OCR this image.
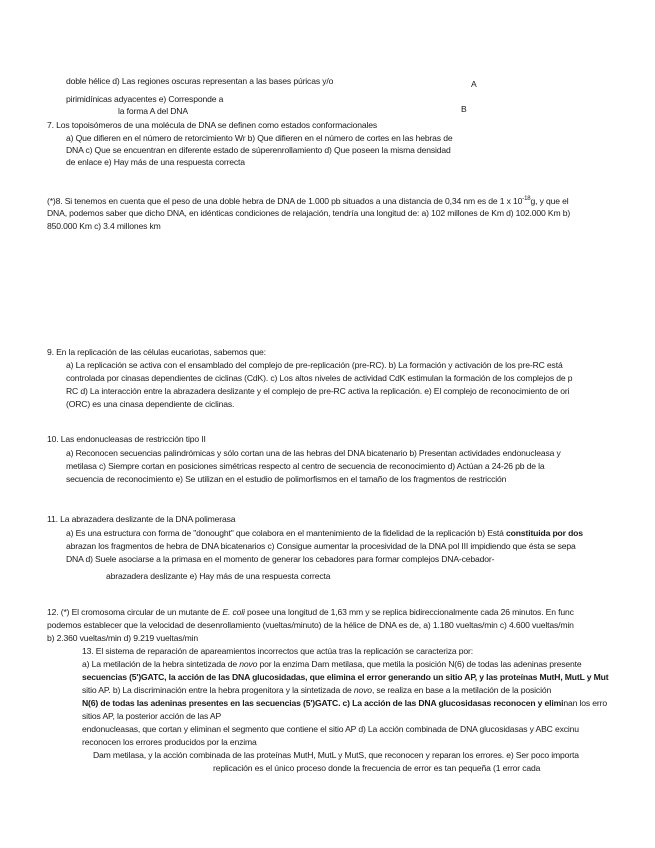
doble hélice d) Las regiones oscuras representan a las bases púricas y/o	A
pirimidínicas adyacentes e) Corresponde a
la forma A del DNA	B
7. Los topoisómeros de una molécula de DNA se definen como estados conformacionales
a) Que difieren en el número de retorcimiento Wr b) Que difieren en el número de cortes en las hebras de
DNA c) Que se encuentran en diferente estado de súperenrollamiento d) Que poseen la misma densidad
de enlace e) Hay más de una respuesta correcta
(*)8. Si tenemos en cuenta que el peso de una doble hebra de DNA de 1.000 pb situados a una distancia de 0,34 nm es de 1 x $10^{-18}g$, y que el
DNA, podemos saber que dicho DNA, en idénticas condiciones de relajación, tendría una longitud de: a) 102 millones de Km d) 102.000 Km b)
850.000 Km c) 3.4 millones km
9. En la replicación de las células eucariotas, sabemos que:
a) La replicación se activa con el ensamblado del complejo de pre-replicación (pre-RC). b) La formación y activación de los pre-RC está
controlada por cinasas dependientes de ciclinas (CdK). c) Los altos niveles de actividad CdK estimulan la formación de los complejos de p
RC d) La interacción entre la abrazadera deslizante y el complejo de pre-RC activa la replicación. e) El complejo de reconocimiento de ori
(ORC) es una cinasa dependiente de ciclinas.
10. Las endonucleasas de restricción tipo II
a) Reconocen secuencias palindrómicas y sólo cortan una de las hebras del DNA bicatenario b) Presentan actividades endonucleasa y
metilasa c) Siempre cortan en posiciones simétricas respecto al centro de secuencia de reconocimiento d) Actúan a 24-26 pb de la
secuencia de reconocimiento e) Se utilizan en el estudio de polimorfismos en el tamaño de los fragmentos de restricción
11. La abrazadera deslizante de la DNA polimerasa
a) Es una estructura con forma de "donought" que colabora en el mantenimiento de la fidelidad de la replicación b) Está constituida por dos
abrazan los fragmentos de hebra de DNA bicatenarios c) Consigue aumentar la procesividad de la DNA pol III impidiendo que ésta se sepa
DNA d) Suele asociarse a la primasa en el momento de generar los cebadores para formar complejos DNA-cebador-
abrazadera deslizante e) Hay más de una respuesta correcta
12. (*) El cromosoma circular de un mutante de E. coli posee una longitud de 1,63 mm y se replica bidireccionalmente cada 26 minutos. En func
podemos establecer que la velocidad de desenrollamiento (vueltas/minuto) de la hélice de DNA es de, a) 1.180 vueltas/min c) 4.600 vueltas/min
b) 2.360 vueltas/min d) 9.219 vueltas/min
13. El sistema de reparación de apareamientos incorrectos que actúa tras la replicación se caracteriza por:
a) La metilación de la hebra sintetizada de novo por la enzima Dam metilasa, que metila la posición N(6) de todas las adeninas presente
secuencias (5')GATC, la acción de las DNA glucosidadas, que elimina el error generando un sitio AP, y las proteínas MutH, MutL y Mut
sitio AP. b) La discriminación entre la hebra progenitora y la sintetizada de novo, se realiza en base a la metilación de la posición
N(6) de todas las adeninas presentes en las secuencias (5')GATC. c) La acción de las DNA glucosidasas reconocen y eliminan los erro
sitios AP, la posterior acción de las AP
endonucleasas, que cortan y eliminan el segmento que contiene el sitio AP d) La acción combinada de DNA glucosidasas y ABC excinu
reconocen los errores producidos por la enzima
Dam metilasa, y la acción combinada de las proteínas MutH, MutL y MutS, que reconocen y reparan los errores. e) Ser poco importa
replicación es el único proceso donde la frecuencia de error es tan pequeña (1 error cada
